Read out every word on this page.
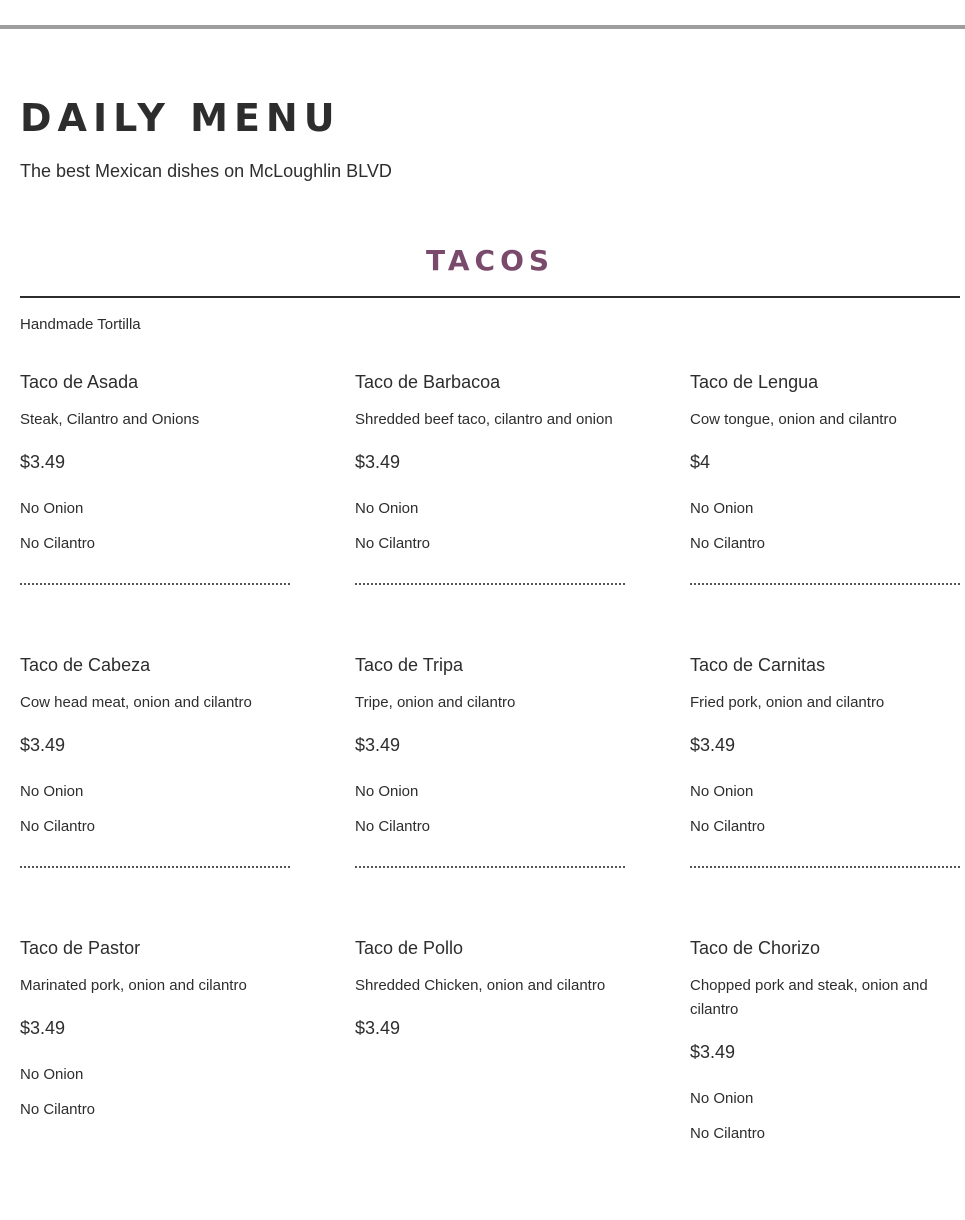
DAILY MENU

The best Mexican dishes on McLoughlin BLVD

TACOS
Handmade Tortilla
Taco de Asada
Steak, Cilantro and Onions
$3.49
No Onion
No Cilantro
Taco de Barbacoa
Shredded beef taco, cilantro and onion
$3.49
No Onion
No Cilantro
Taco de Lengua
Cow tongue, onion and cilantro
$4
No Onion
No Cilantro
Taco de Cabeza
Cow head meat, onion and cilantro
$3.49
No Onion
No Cilantro
Taco de Tripa
Tripe, onion and cilantro
$3.49
No Onion
No Cilantro
Taco de Carnitas
Fried pork, onion and cilantro
$3.49
No Onion
No Cilantro
Taco de Pastor
Marinated pork, onion and cilantro
$3.49
No Onion
No Cilantro
Taco de Pollo
Shredded Chicken, onion and cilantro
$3.49
Taco de Chorizo
Chopped pork and steak, onion and cilantro
$3.49
No Onion
No Cilantro
